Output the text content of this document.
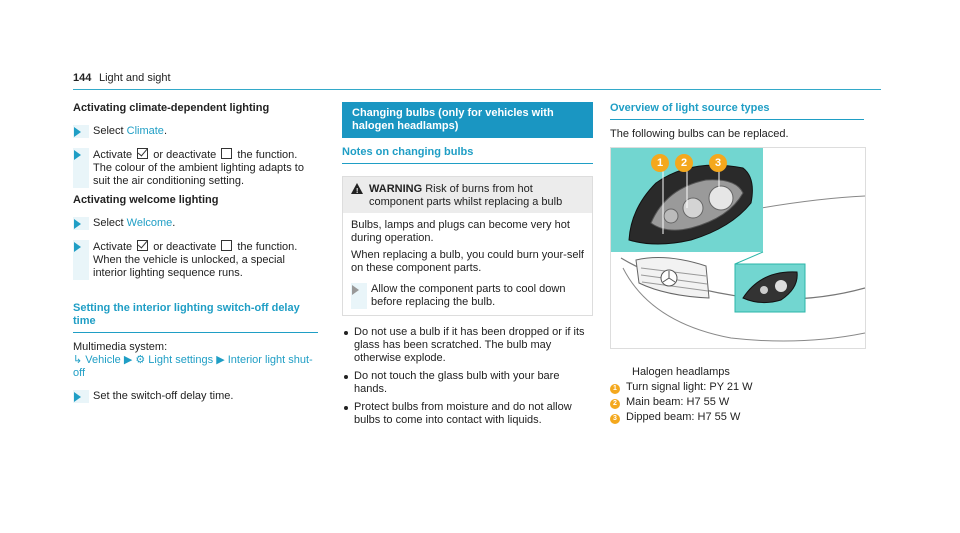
144 Light and sight
Activating climate-dependent lighting
Select Climate.
Activate or deactivate the function.
The colour of the ambient lighting adapts to suit the air conditioning setting.
Activating welcome lighting
Select Welcome.
Activate or deactivate the function.
When the vehicle is unlocked, a special interior lighting sequence runs.
Setting the interior lighting switch-off delay time
Multimedia system:
↳ Vehicle ▶ ⚙ Light settings ▶ Interior light shut-off
Set the switch-off delay time.
Changing bulbs (only for vehicles with halogen headlamps)
Notes on changing bulbs
! WARNING Risk of burns from hot component parts whilst replacing a bulb
Bulbs, lamps and plugs can become very hot during operation.
When replacing a bulb, you could burn your-self on these component parts.
Allow the component parts to cool down before replacing the bulb.
Do not use a bulb if it has been dropped or if its glass has been scratched. The bulb may otherwise explode.
Do not touch the glass bulb with your bare hands.
Protect bulbs from moisture and do not allow bulbs to come into contact with liquids.
Overview of light source types
The following bulbs can be replaced.
1	2	3
Halogen headlamps
1 Turn signal light: PY 21 W
2 Main beam: H7 55 W
3 Dipped beam: H7 55 W
